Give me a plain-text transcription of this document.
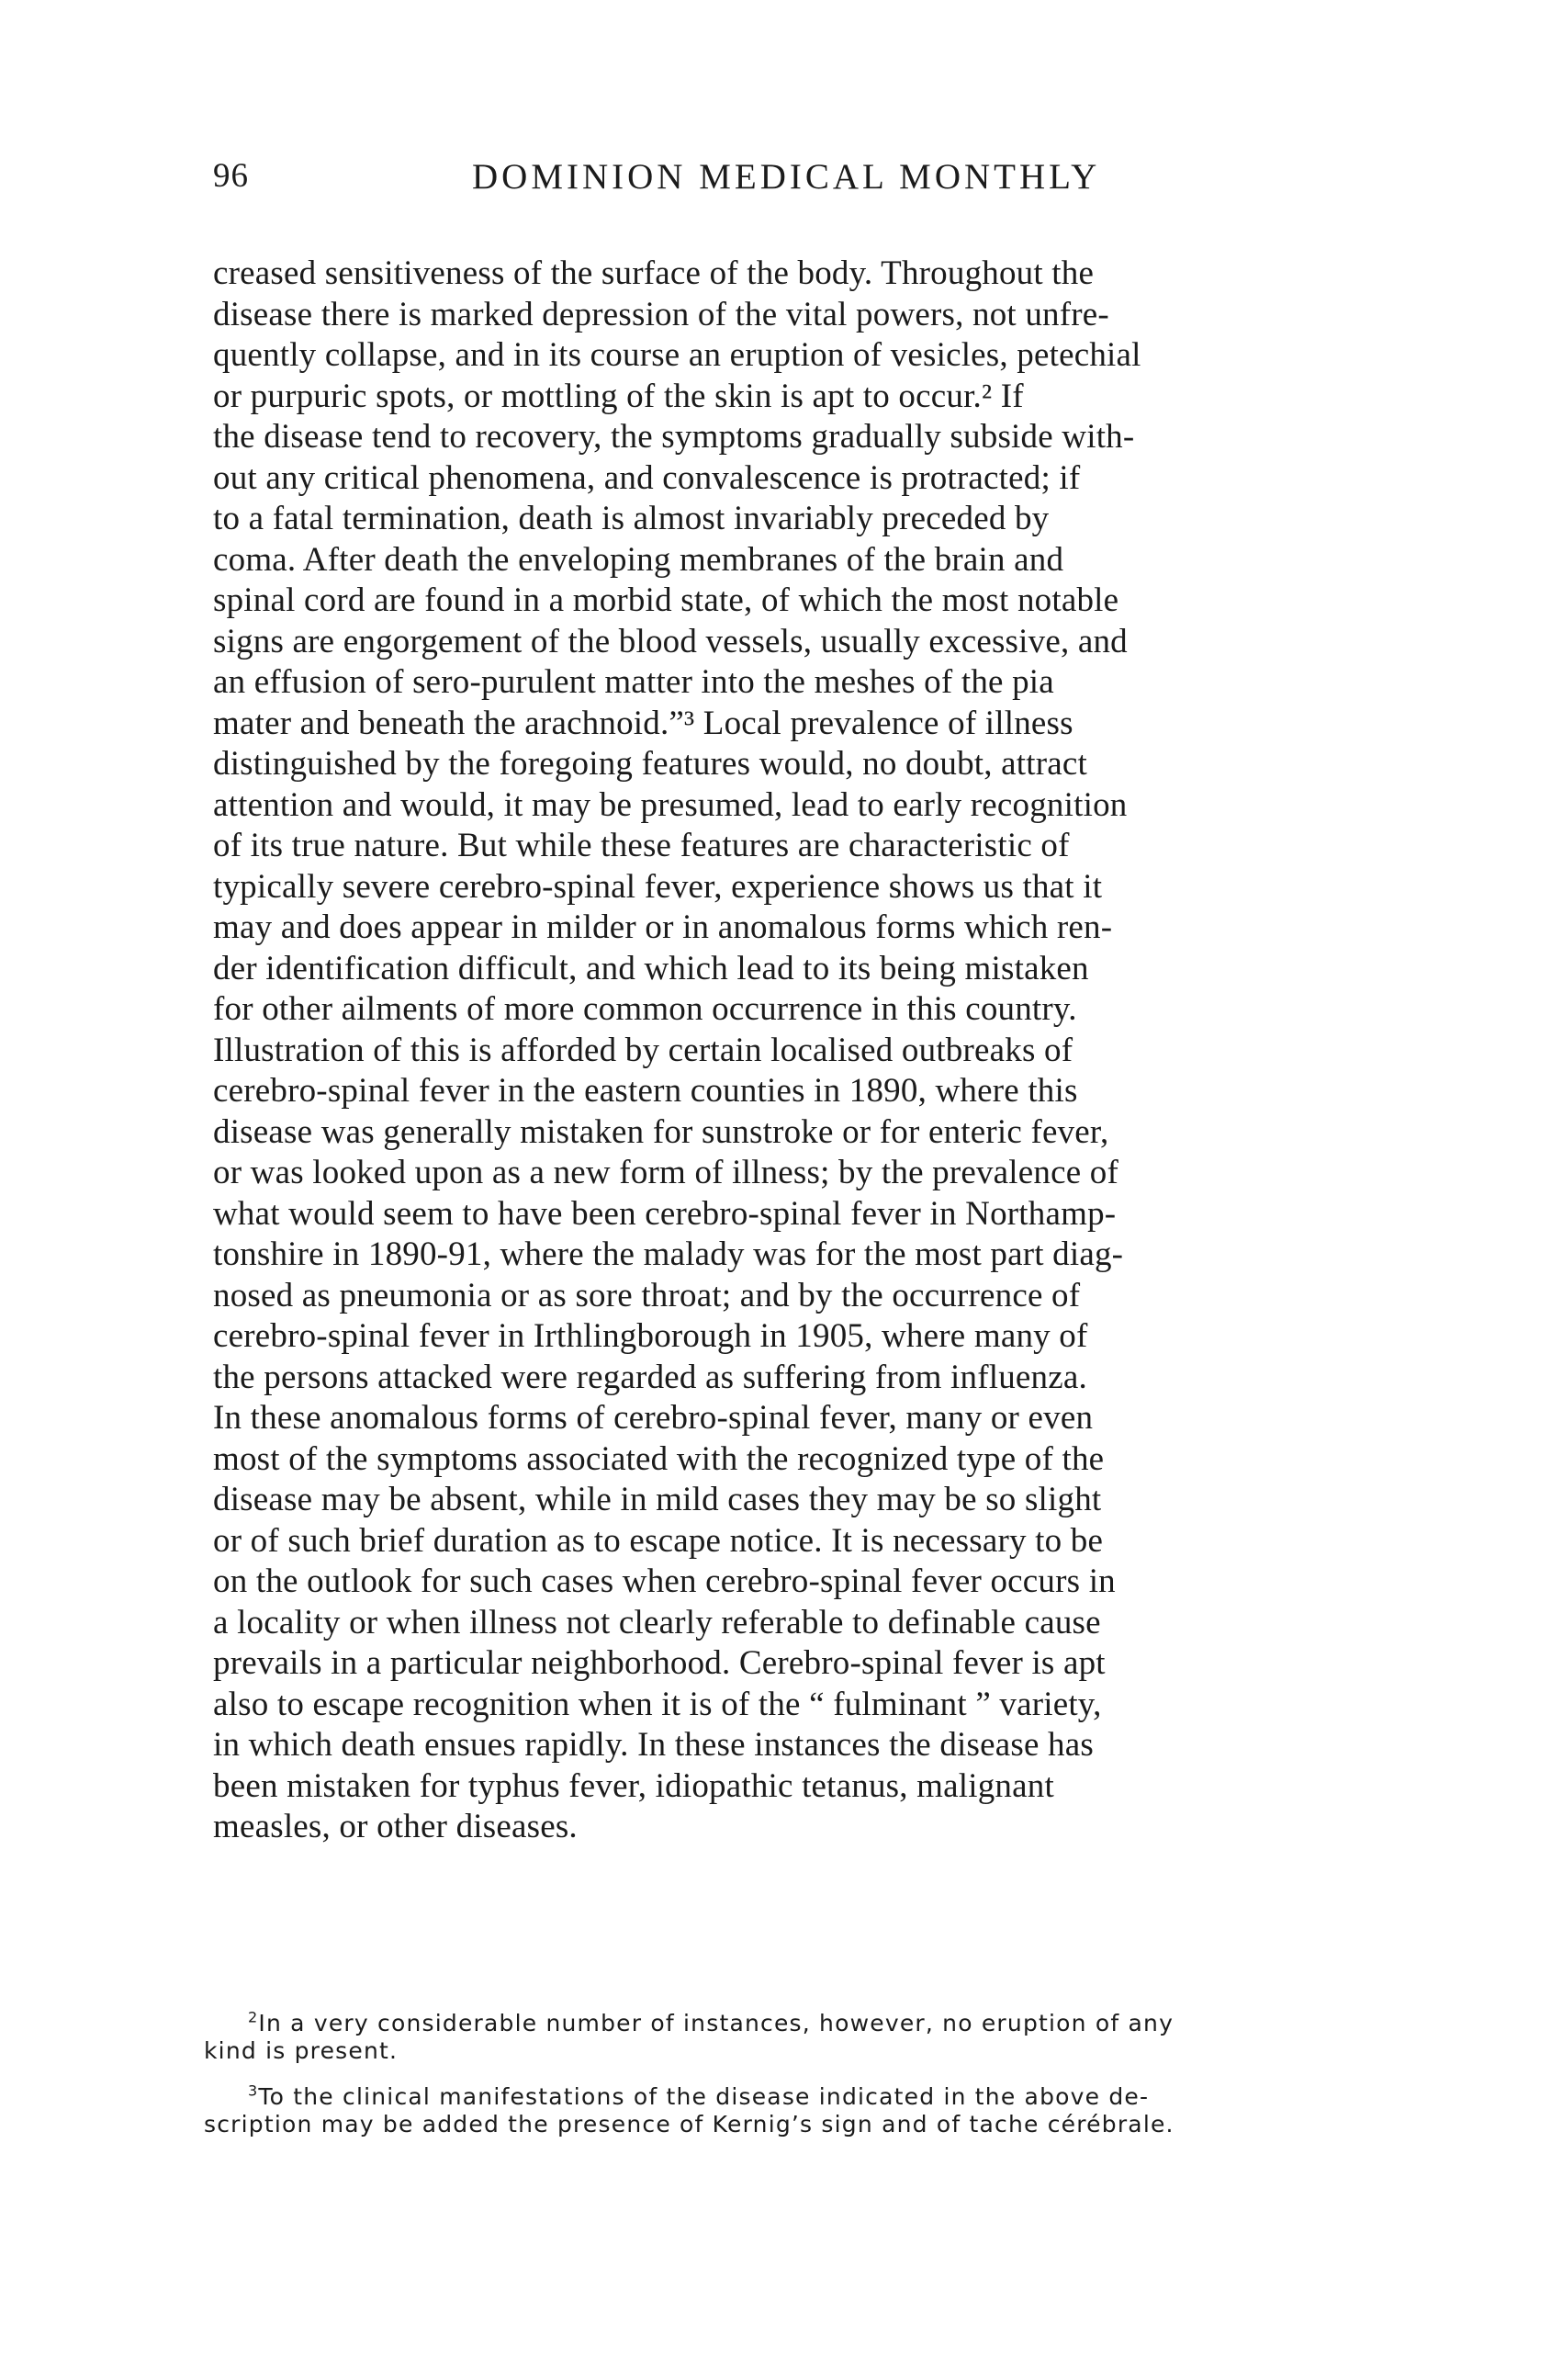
96	DOMINION MEDICAL MONTHLY
creased sensitiveness of the surface of the body. Throughout the
disease there is marked depression of the vital powers, not unfre-
quently collapse, and in its course an eruption of vesicles, petechial
or purpuric spots, or mottling of the skin is apt to occur.² If
the disease tend to recovery, the symptoms gradually subside with-
out any critical phenomena, and convalescence is protracted; if
to a fatal termination, death is almost invariably preceded by
coma. After death the enveloping membranes of the brain and
spinal cord are found in a morbid state, of which the most notable
signs are engorgement of the blood vessels, usually excessive, and
an effusion of sero-purulent matter into the meshes of the pia
mater and beneath the arachnoid.”³ Local prevalence of illness
distinguished by the foregoing features would, no doubt, attract
attention and would, it may be presumed, lead to early recognition
of its true nature. But while these features are characteristic of
typically severe cerebro-spinal fever, experience shows us that it
may and does appear in milder or in anomalous forms which ren-
der identification difficult, and which lead to its being mistaken
for other ailments of more common occurrence in this country.
Illustration of this is afforded by certain localised outbreaks of
cerebro-spinal fever in the eastern counties in 1890, where this
disease was generally mistaken for sunstroke or for enteric fever,
or was looked upon as a new form of illness; by the prevalence of
what would seem to have been cerebro-spinal fever in Northamp-
tonshire in 1890-91, where the malady was for the most part diag-
nosed as pneumonia or as sore throat; and by the occurrence of
cerebro-spinal fever in Irthlingborough in 1905, where many of
the persons attacked were regarded as suffering from influenza.
In these anomalous forms of cerebro-spinal fever, many or even
most of the symptoms associated with the recognized type of the
disease may be absent, while in mild cases they may be so slight
or of such brief duration as to escape notice. It is necessary to be
on the outlook for such cases when cerebro-spinal fever occurs in
a locality or when illness not clearly referable to definable cause
prevails in a particular neighborhood. Cerebro-spinal fever is apt
also to escape recognition when it is of the “ fulminant ” variety,
in which death ensues rapidly. In these instances the disease has
been mistaken for typhus fever, idiopathic tetanus, malignant
measles, or other diseases.
$^2$In a very considerable number of instances, however, no eruption of any
kind is present.
$^3$To the clinical manifestations of the disease indicated in the above de-
scription may be added the presence of Kernig’s sign and of tache cérébrale.
